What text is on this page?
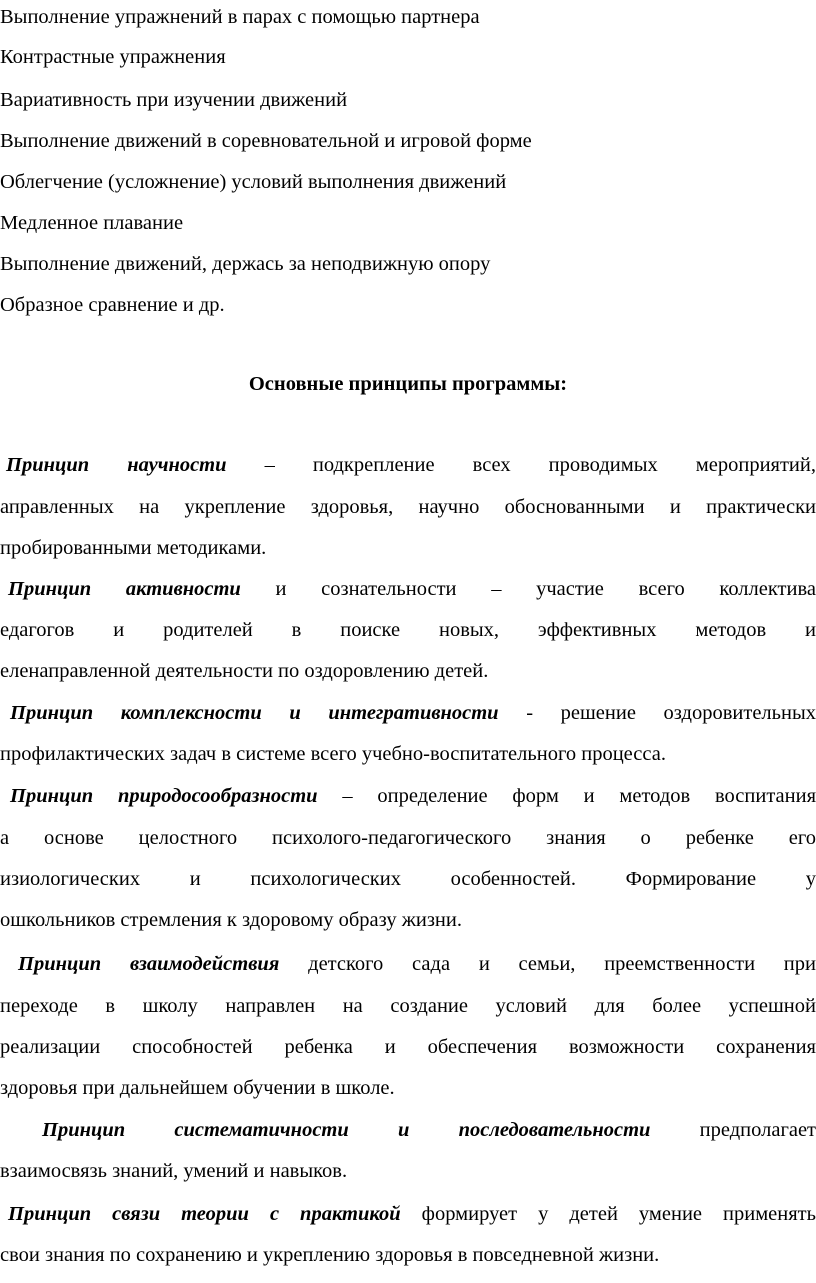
Выполнение упражнений в парах с помощью партнера
Контрастные упражнения
Вариативность при изучении движений
Выполнение движений в соревновательной и игровой форме
Облегчение (усложнение) условий выполнения движений
Медленное плавание
Выполнение движений, держась за неподвижную опору
Образное сравнение и др.
Основные принципы программы:
Принцип научности – подкрепление всех проводимых мероприятий,
аправленных на укрепление здоровья, научно обоснованными и практически
пробированными методиками.
Принцип активности и сознательности – участие всего коллектива
едагогов и родителей в поиске новых, эффективных методов и
еленаправленной деятельности по оздоровлению детей.
Принцип комплексности и интегративности - решение оздоровительных
профилактических задач в системе всего учебно-воспитательного процесса.
Принцип природосообразности – определение форм и методов воспитания
а основе целостного психолого-педагогического знания о ребенке его
изиологических и психологических особенностей. Формирование у
ошкольников стремления к здоровому образу жизни.
Принцип взаимодействия детского сада и семьи, преемственности при
переходе в школу направлен на создание условий для более успешной
реализации способностей ребенка и обеспечения возможности сохранения
здоровья при дальнейшем обучении в школе.
Принцип систематичности и последовательности предполагает
взаимосвязь знаний, умений и навыков.
Принцип связи теории с практикой формирует у детей умение применять
свои знания по сохранению и укреплению здоровья в повседневной жизни.
